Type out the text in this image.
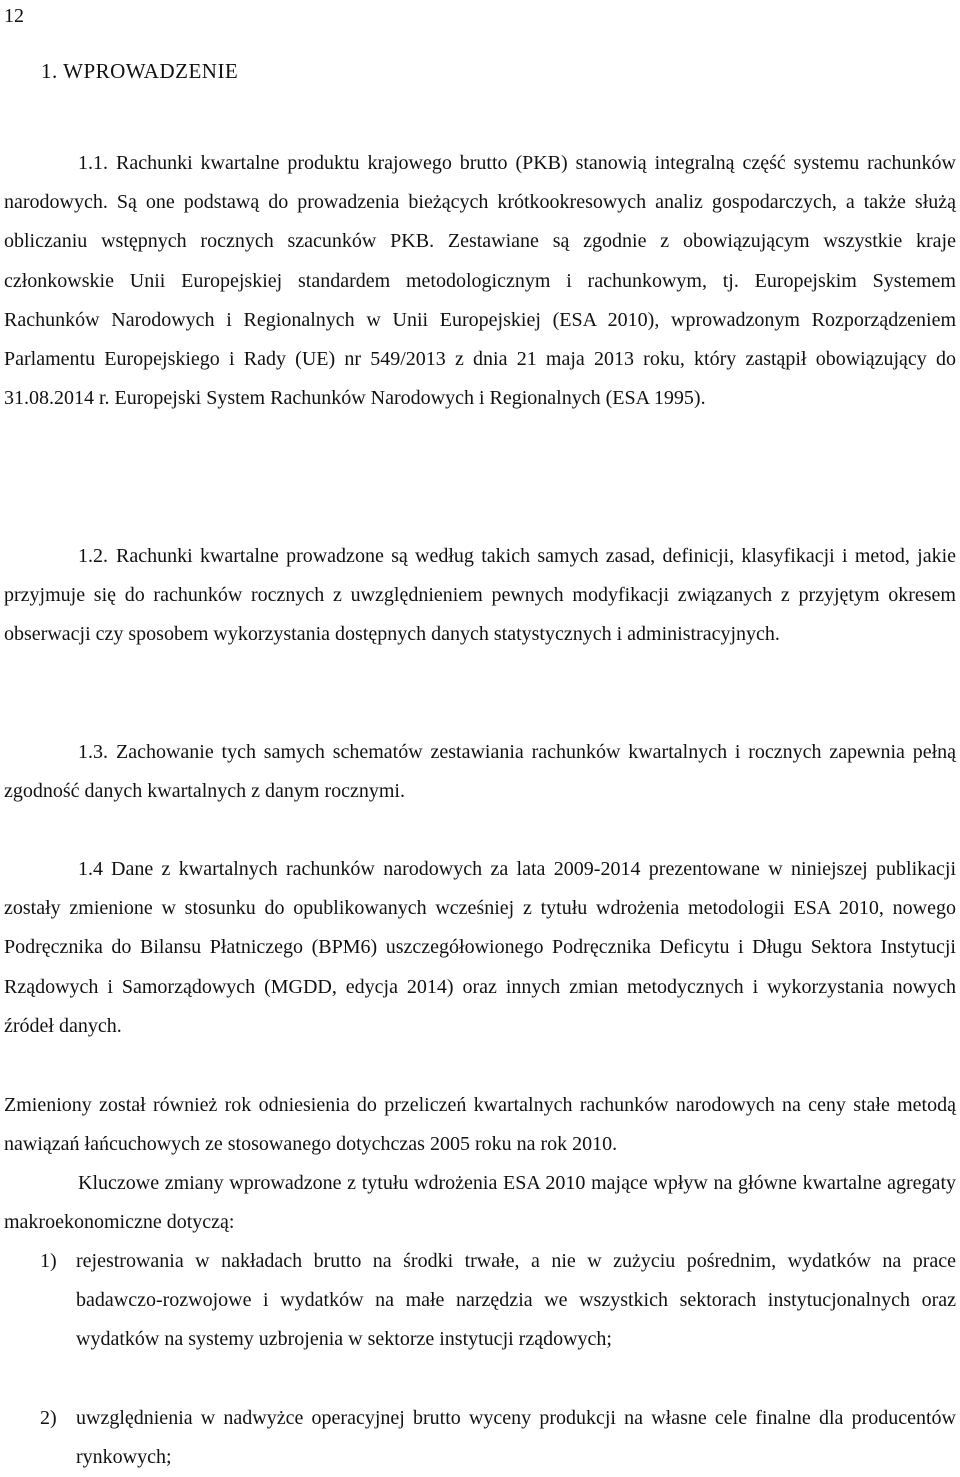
12
1. WPROWADZENIE

1.1. Rachunki kwartalne produktu krajowego brutto (PKB) stanowią integralną część systemu rachunków narodowych. Są one podstawą do prowadzenia bieżących krótkookresowych analiz gospodarczych, a także służą obliczaniu wstępnych rocznych szacunków PKB. Zestawiane są zgodnie z obowiązującym wszystkie kraje członkowskie Unii Europejskiej standardem metodologicznym i rachunkowym, tj. Europejskim Systemem Rachunków Narodowych i Regionalnych w Unii Europejskiej (ESA 2010), wprowadzonym Rozporządzeniem Parlamentu Europejskiego i Rady (UE) nr 549/2013 z dnia 21 maja 2013 roku, który zastąpił obowiązujący do 31.08.2014 r. Europejski System Rachunków Narodowych i Regionalnych (ESA 1995).

1.2. Rachunki kwartalne prowadzone są według takich samych zasad, definicji, klasyfikacji i metod, jakie przyjmuje się do rachunków rocznych z uwzględnieniem pewnych modyfikacji związanych z przyjętym okresem obserwacji czy sposobem wykorzystania dostępnych danych statystycznych i administracyjnych.

1.3. Zachowanie tych samych schematów zestawiania rachunków kwartalnych i rocznych zapewnia pełną zgodność danych kwartalnych z danym rocznymi.

1.4 Dane z kwartalnych rachunków narodowych za lata 2009-2014 prezentowane w niniejszej publikacji zostały zmienione w stosunku do opublikowanych wcześniej z tytułu wdrożenia metodologii ESA 2010, nowego Podręcznika do Bilansu Płatniczego (BPM6) uszczegółowionego Podręcznika Deficytu i Długu Sektora Instytucji Rządowych i Samorządowych (MGDD, edycja 2014) oraz innych zmian metodycznych i wykorzystania nowych źródeł danych.

Zmieniony został również rok odniesienia do przeliczeń kwartalnych rachunków narodowych na ceny stałe metodą nawiązań łańcuchowych ze stosowanego dotychczas 2005 roku na rok 2010.

Kluczowe zmiany wprowadzone z tytułu wdrożenia ESA 2010 mające wpływ na główne kwartalne agregaty makroekonomiczne dotyczą:

1) rejestrowania w nakładach brutto na środki trwałe, a nie w zużyciu pośrednim, wydatków na prace badawczo-rozwojowe i wydatków na małe narzędzia we wszystkich sektorach instytucjonalnych oraz wydatków na systemy uzbrojenia w sektorze instytucji rządowych;
2) uwzględnienia w nadwyżce operacyjnej brutto wyceny produkcji na własne cele finalne dla producentów rynkowych;
